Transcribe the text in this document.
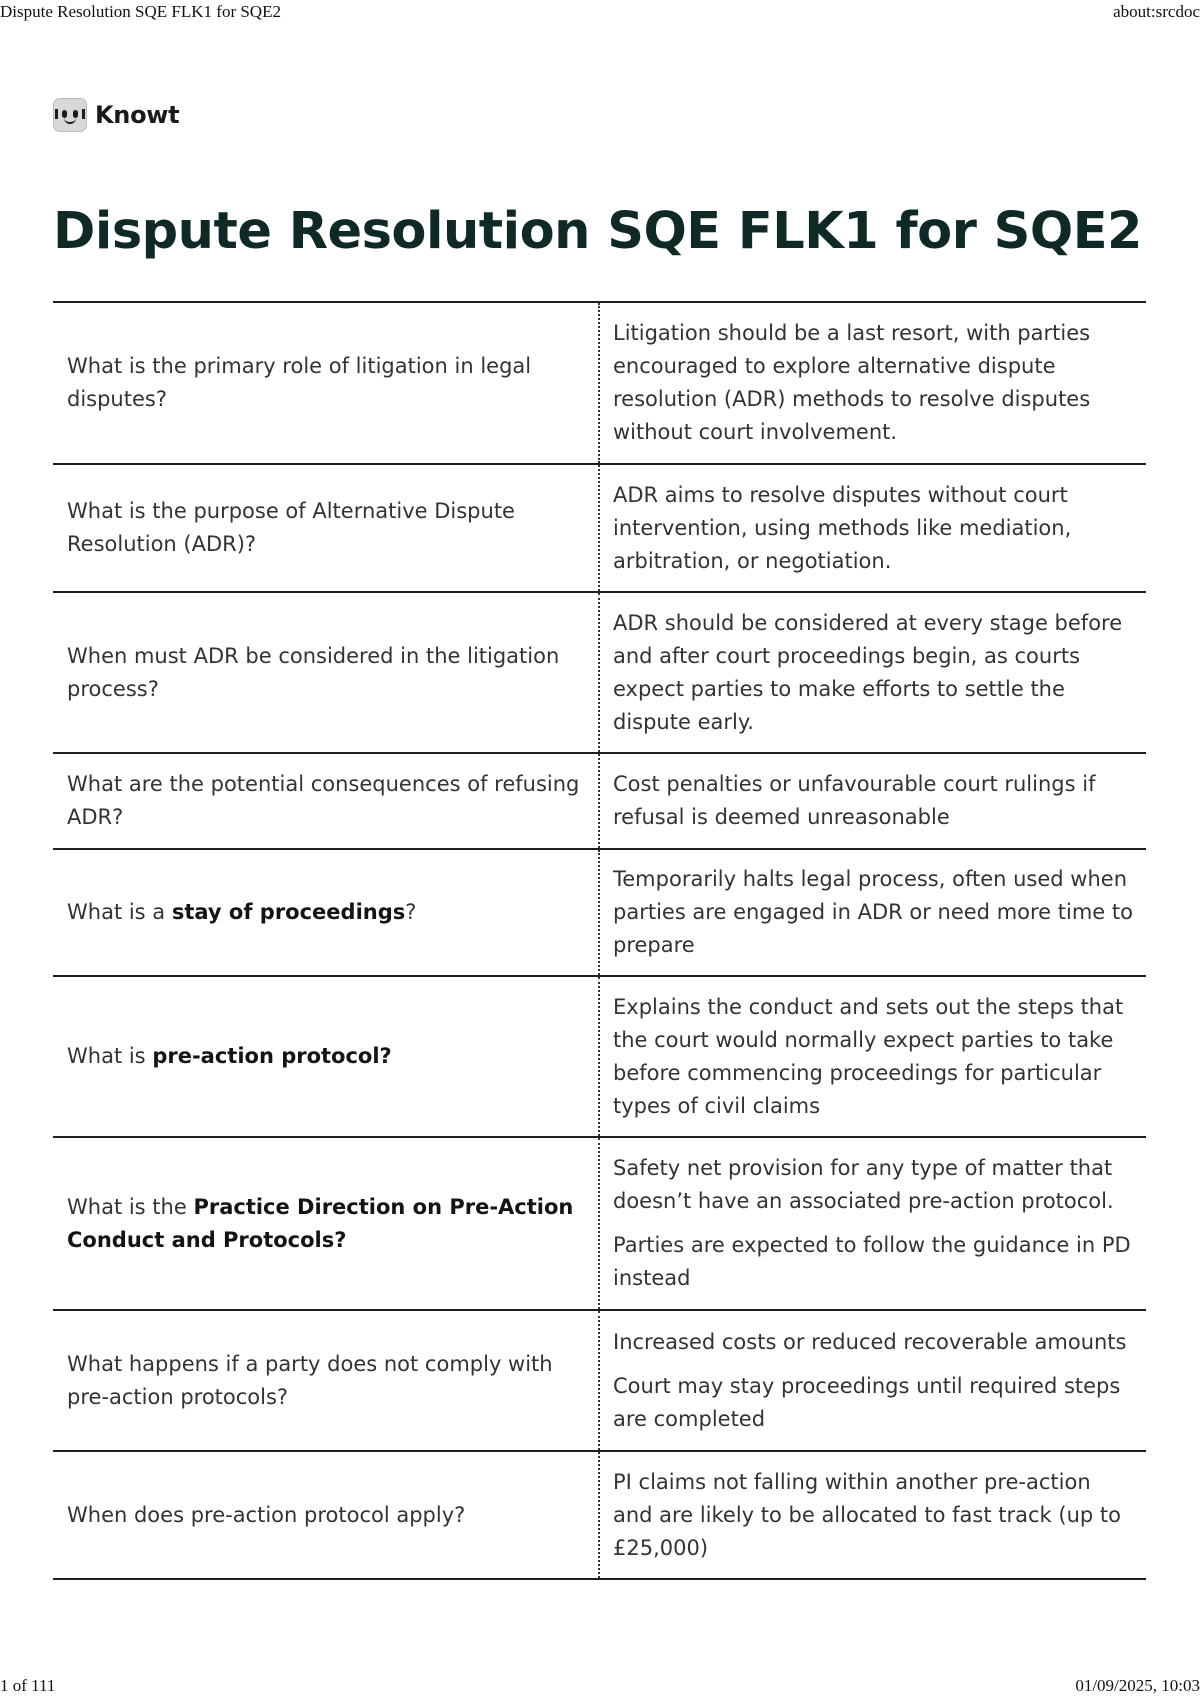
Dispute Resolution SQE FLK1 for SQE2	about:srcdoc
Knowt
Dispute Resolution SQE FLK1 for SQE2
What is the primary role of litigation in legal disputes?	Litigation should be a last resort, with parties encouraged to explore alternative dispute resolution (ADR) methods to resolve disputes without court involvement.

What is the purpose of Alternative Dispute Resolution (ADR)?	ADR aims to resolve disputes without court intervention, using methods like mediation, arbitration, or negotiation.

When must ADR be considered in the litigation process?	ADR should be considered at every stage before and after court proceedings begin, as courts expect parties to make efforts to settle the dispute early.

What are the potential consequences of refusing ADR?	Cost penalties or unfavourable court rulings if refusal is deemed unreasonable

What is a stay of proceedings?	Temporarily halts legal process, often used when parties are engaged in ADR or need more time to prepare

What is pre-action protocol?	Explains the conduct and sets out the steps that the court would normally expect parties to take before commencing proceedings for particular types of civil claims

What is the Practice Direction on Pre-Action Conduct and Protocols?	Safety net provision for any type of matter that doesn’t have an associated pre-action protocol.
Parties are expected to follow the guidance in PD instead

What happens if a party does not comply with pre-action protocols?	Increased costs or reduced recoverable amounts
Court may stay proceedings until required steps are completed

When does pre-action protocol apply?	PI claims not falling within another pre-action and are likely to be allocated to fast track (up to £25,000)
1 of 111	01/09/2025, 10:03
